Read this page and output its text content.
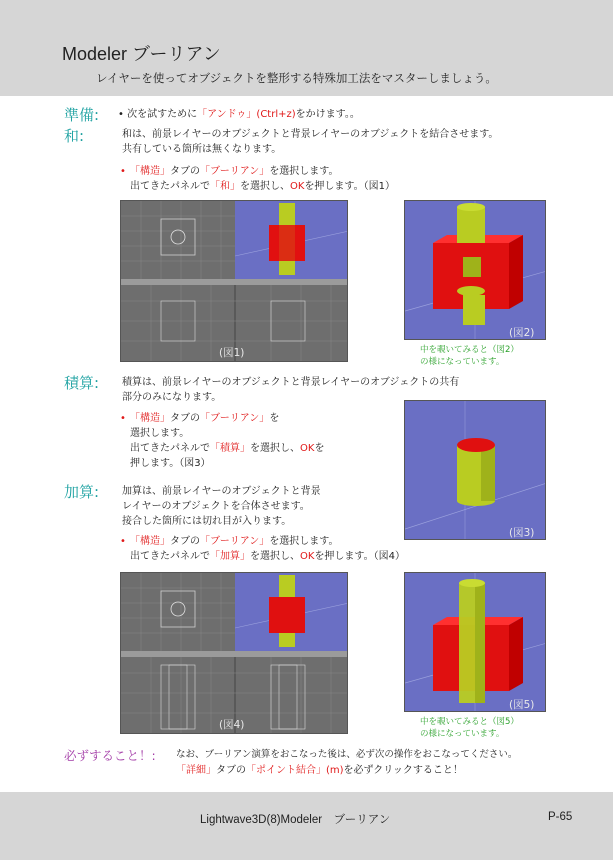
Modeler ブーリアン
レイヤーを使ってオブジェクトを整形する特殊加工法をマスターしましょう。
準備: • 次を試すために「アンドゥ」(Ctrl+z)をかけます。。
和:	和は、前景レイヤーのオブジェクトと背景レイヤーのオブジェクトを結合させます。
共有している箇所は無くなります。
• 「構造」タブの「ブーリアン」を選択します。
出てきたパネルで「和」を選択し、OKを押します。（図1）
(図1)
(図2)
中を覗いてみると（図2）
の様になっています。
積算: 積算は、前景レイヤーのオブジェクトと背景レイヤーのオブジェクトの共有
部分のみになります。
• 「構造」タブの「ブーリアン」を
選択します。
出てきたパネルで「積算」を選択し、OKを
押します。（図3）
(図3)
加算: 加算は、前景レイヤーのオブジェクトと背景
レイヤーのオブジェクトを合体させます。
接合した箇所には切れ目が入ります。
• 「構造」タブの「ブーリアン」を選択します。
出てきたパネルで「加算」を選択し、OKを押します。（図4）
(図4)
(図5)
中を覗いてみると（図5）
の様になっています。
必ずすること！: なお、ブーリアン演算をおこなった後は、必ず次の操作をおこなってください。
「詳細」タブの「ポイント結合」(m)を必ずクリックすること！
Lightwave3D(8)Modeler　ブーリアン	P-65
